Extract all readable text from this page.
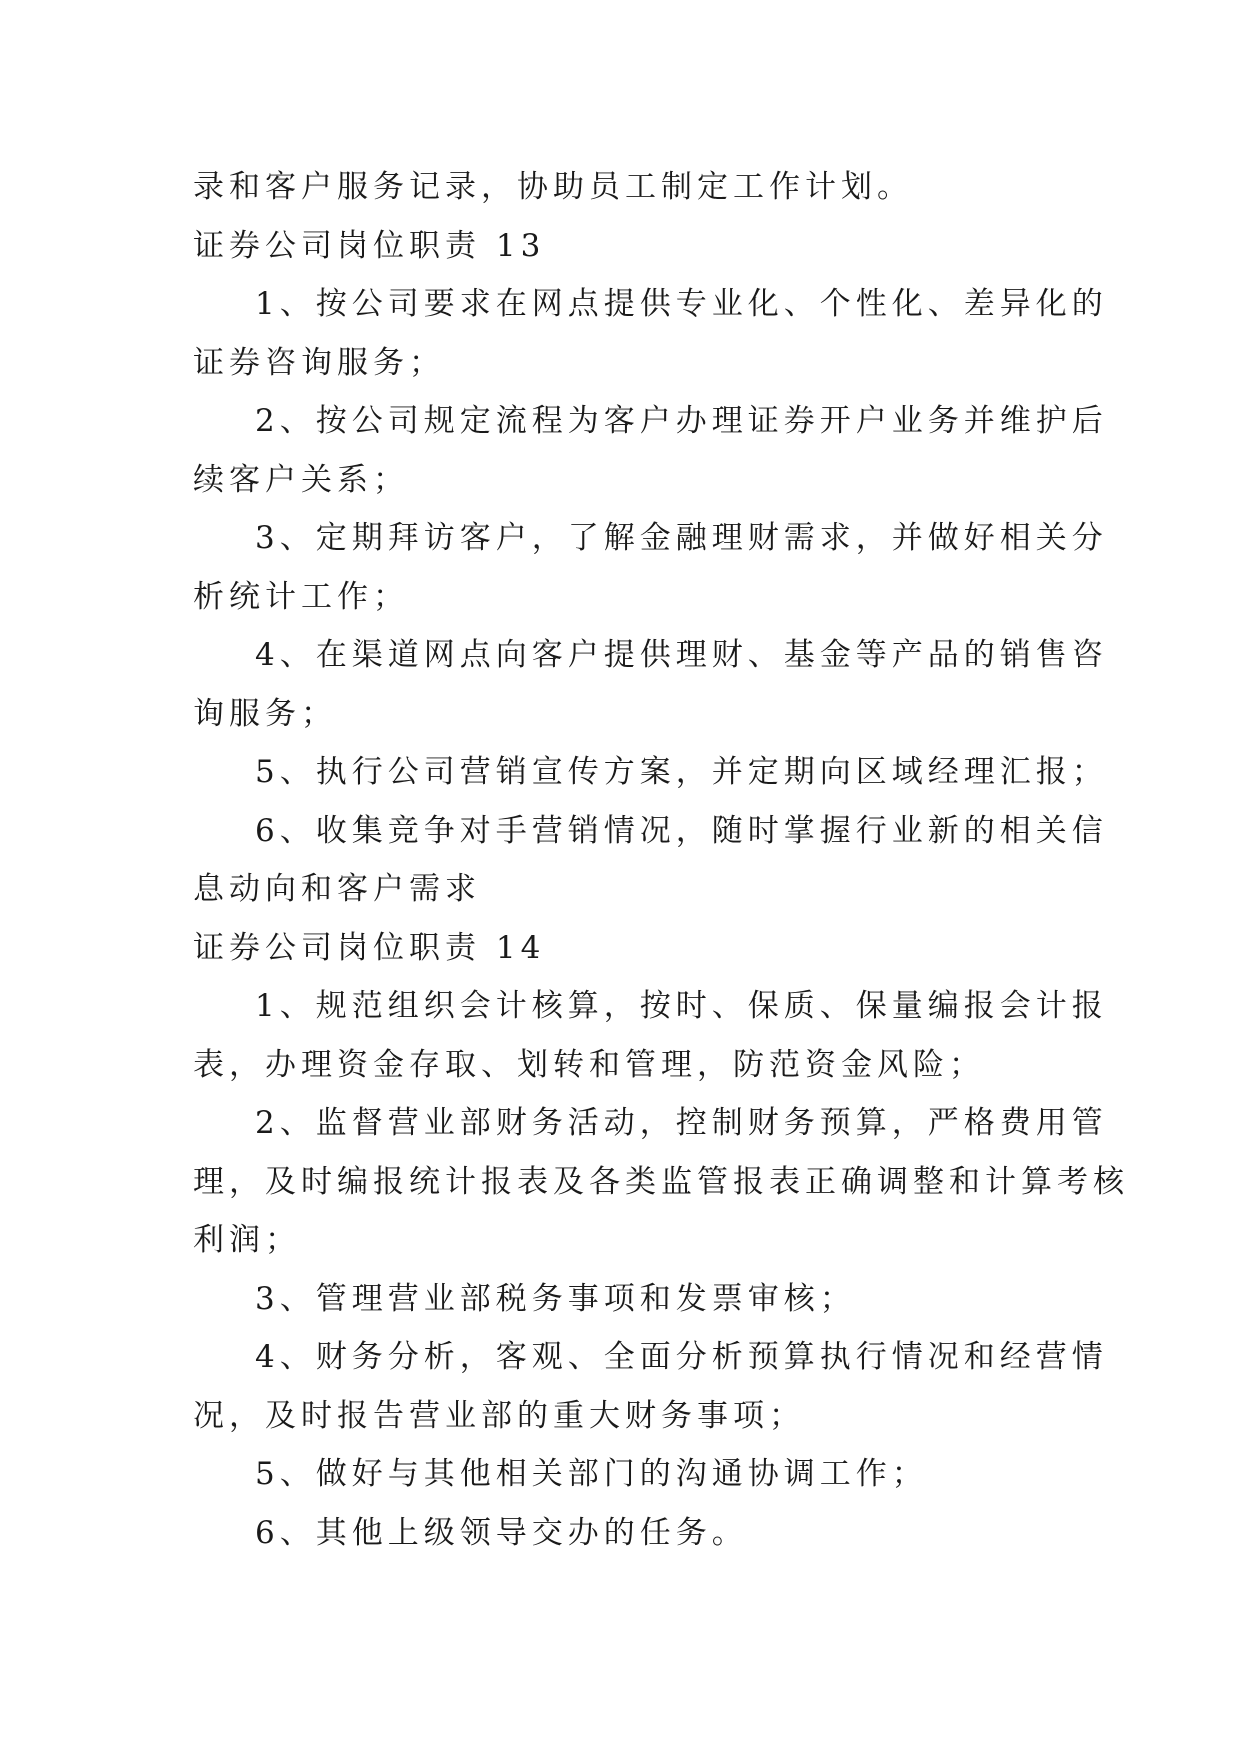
录和客户服务记录，协助员工制定工作计划。
证券公司岗位职责 13
1、按公司要求在网点提供专业化、个性化、差异化的
证券咨询服务；
2、按公司规定流程为客户办理证券开户业务并维护后
续客户关系；
3、定期拜访客户，了解金融理财需求，并做好相关分
析统计工作；
4、在渠道网点向客户提供理财、基金等产品的销售咨
询服务；
5、执行公司营销宣传方案，并定期向区域经理汇报；
6、收集竞争对手营销情况，随时掌握行业新的相关信
息动向和客户需求
证券公司岗位职责 14
1、规范组织会计核算，按时、保质、保量编报会计报
表，办理资金存取、划转和管理，防范资金风险；
2、监督营业部财务活动，控制财务预算，严格费用管
理，及时编报统计报表及各类监管报表正确调整和计算考核
利润；
3、管理营业部税务事项和发票审核；
4、财务分析，客观、全面分析预算执行情况和经营情
况，及时报告营业部的重大财务事项；
5、做好与其他相关部门的沟通协调工作；
6、其他上级领导交办的任务。
